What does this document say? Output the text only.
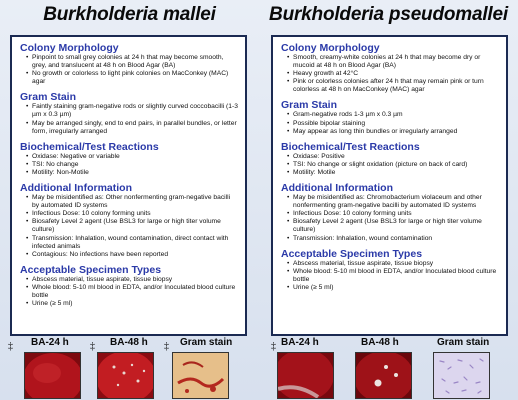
Burkholderia mallei
Colony Morphology
• Pinpoint to small grey colonies at 24 h that may become smooth, grey, and translucent at 48 h on Blood Agar (BA)
• No growth or colorless to light pink colonies on MacConkey (MAC) agar
Gram Stain
• Faintly staining gram-negative rods or slightly curved coccobacilli (1-3 µm x 0.3 µm)
• May be arranged singly, end to end pairs, in parallel bundles, or letter form, irregularly arranged
Biochemical/Test Reactions
• Oxidase: Negative or variable
• TSI: No change
• Motility: Non-Motile
Additional Information
• May be misidentified as: Other nonfermenting gram-negative bacilli by automated ID systems
• Infectious Dose: 10 colony forming units
• Biosafety Level 2 agent (Use BSL3 for large or high titer volume culture)
• Transmission: Inhalation, wound contamination, direct contact with infected animals
• Contagious: No infections have been reported
Acceptable Specimen Types
• Abscess material, tissue aspirate, tissue biopsy
• Whole blood: 5-10 ml blood in EDTA, and/or Inoculated blood culture bottle
• Urine (≥ 5 ml)
BA-24 h	BA-48 h	Gram stain
‡	‡	‡
Burkholderia pseudomallei
Colony Morphology
• Smooth, creamy-white colonies at 24 h that may become dry or mucoid at 48 h on Blood Agar (BA)
• Heavy growth at 42°C
• Pink or colorless colonies after 24 h that may remain pink or turn colorless at 48 h on MacConkey (MAC) agar
Gram Stain
• Gram-negative rods 1-3 µm x 0.3 µm
• Possible bipolar staining
• May appear as long thin bundles or irregularly arranged
Biochemical/Test Reactions
• Oxidase: Positive
• TSI: No change or slight oxidation (picture on back of card)
• Motility: Motile
Additional Information
• May be misidentified as: Chromobacterium violaceum and other nonfermenting gram-negative bacilli by automated ID systems
• Infectious Dose: 10 colony forming units
• Biosafety Level 2 agent (Use BSL3 for large or high titer volume culture)
• Transmission: Inhalation, wound contamination
Acceptable Specimen Types
• Abscess material, tissue aspirate, tissue biopsy
• Whole blood: 5-10 ml blood in EDTA, and/or Inoculated blood culture bottle
• Urine (≥ 5 ml)
BA-24 h	BA-48 h	Gram stain
‡
